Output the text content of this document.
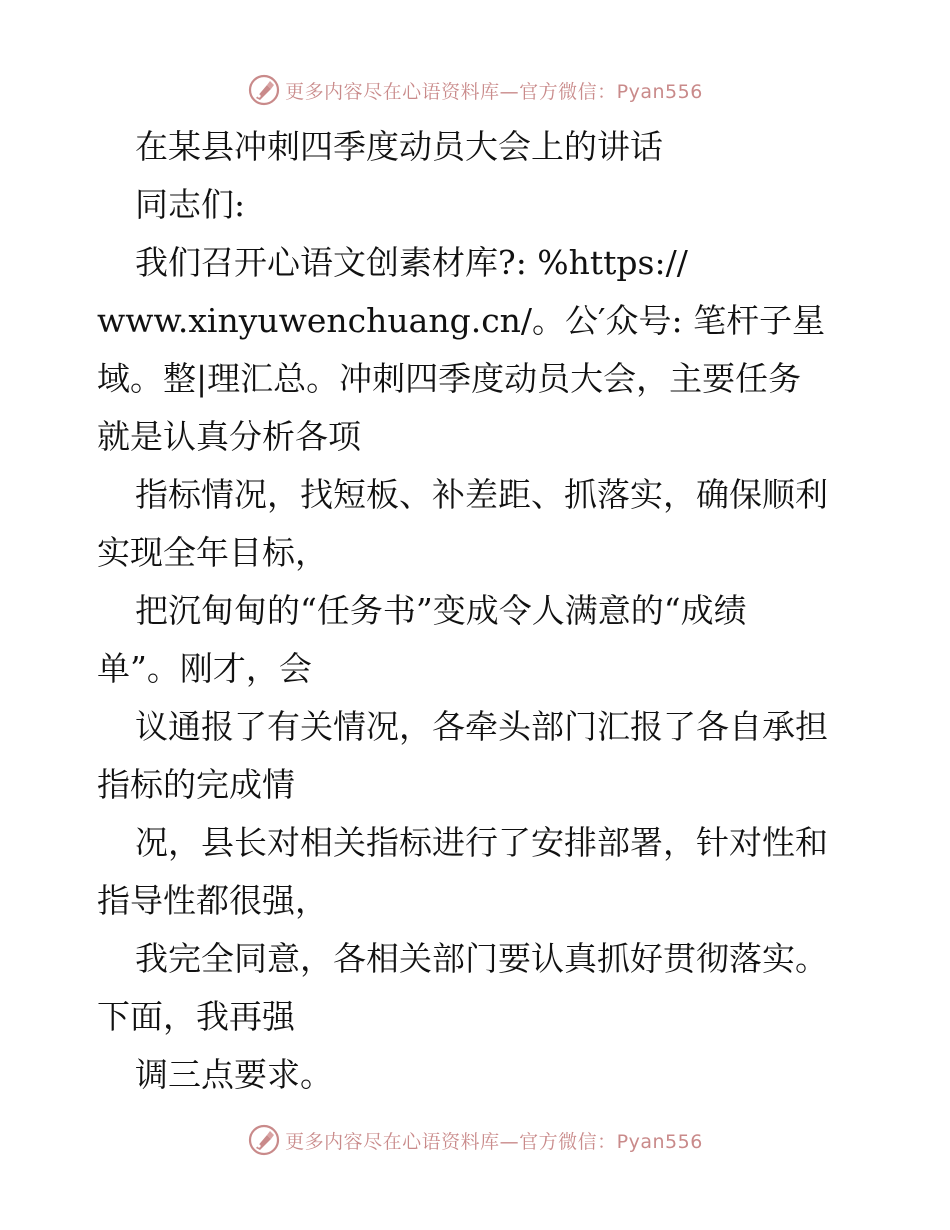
更多内容尽在心语资料库—官方微信：Pyan556
在某县冲刺四季度动员大会上的讲话
同志们:
我们召开心语文创素材库?: %https://
www.xinyuwenchuang.cn/。公′众号: 笔杆子星
域。整|理汇总。冲刺四季度动员大会，主要任务
就是认真分析各项
指标情况，找短板、补差距、抓落实，确保顺利
实现全年目标，
把沉甸甸的“任务书”变成令人满意的“成绩
单”。刚才，会
议通报了有关情况，各牵头部门汇报了各自承担
指标的完成情
况，县长对相关指标进行了安排部署，针对性和
指导性都很强，
我完全同意，各相关部门要认真抓好贯彻落实。
下面，我再强
调三点要求。
更多内容尽在心语资料库—官方微信：Pyan556
